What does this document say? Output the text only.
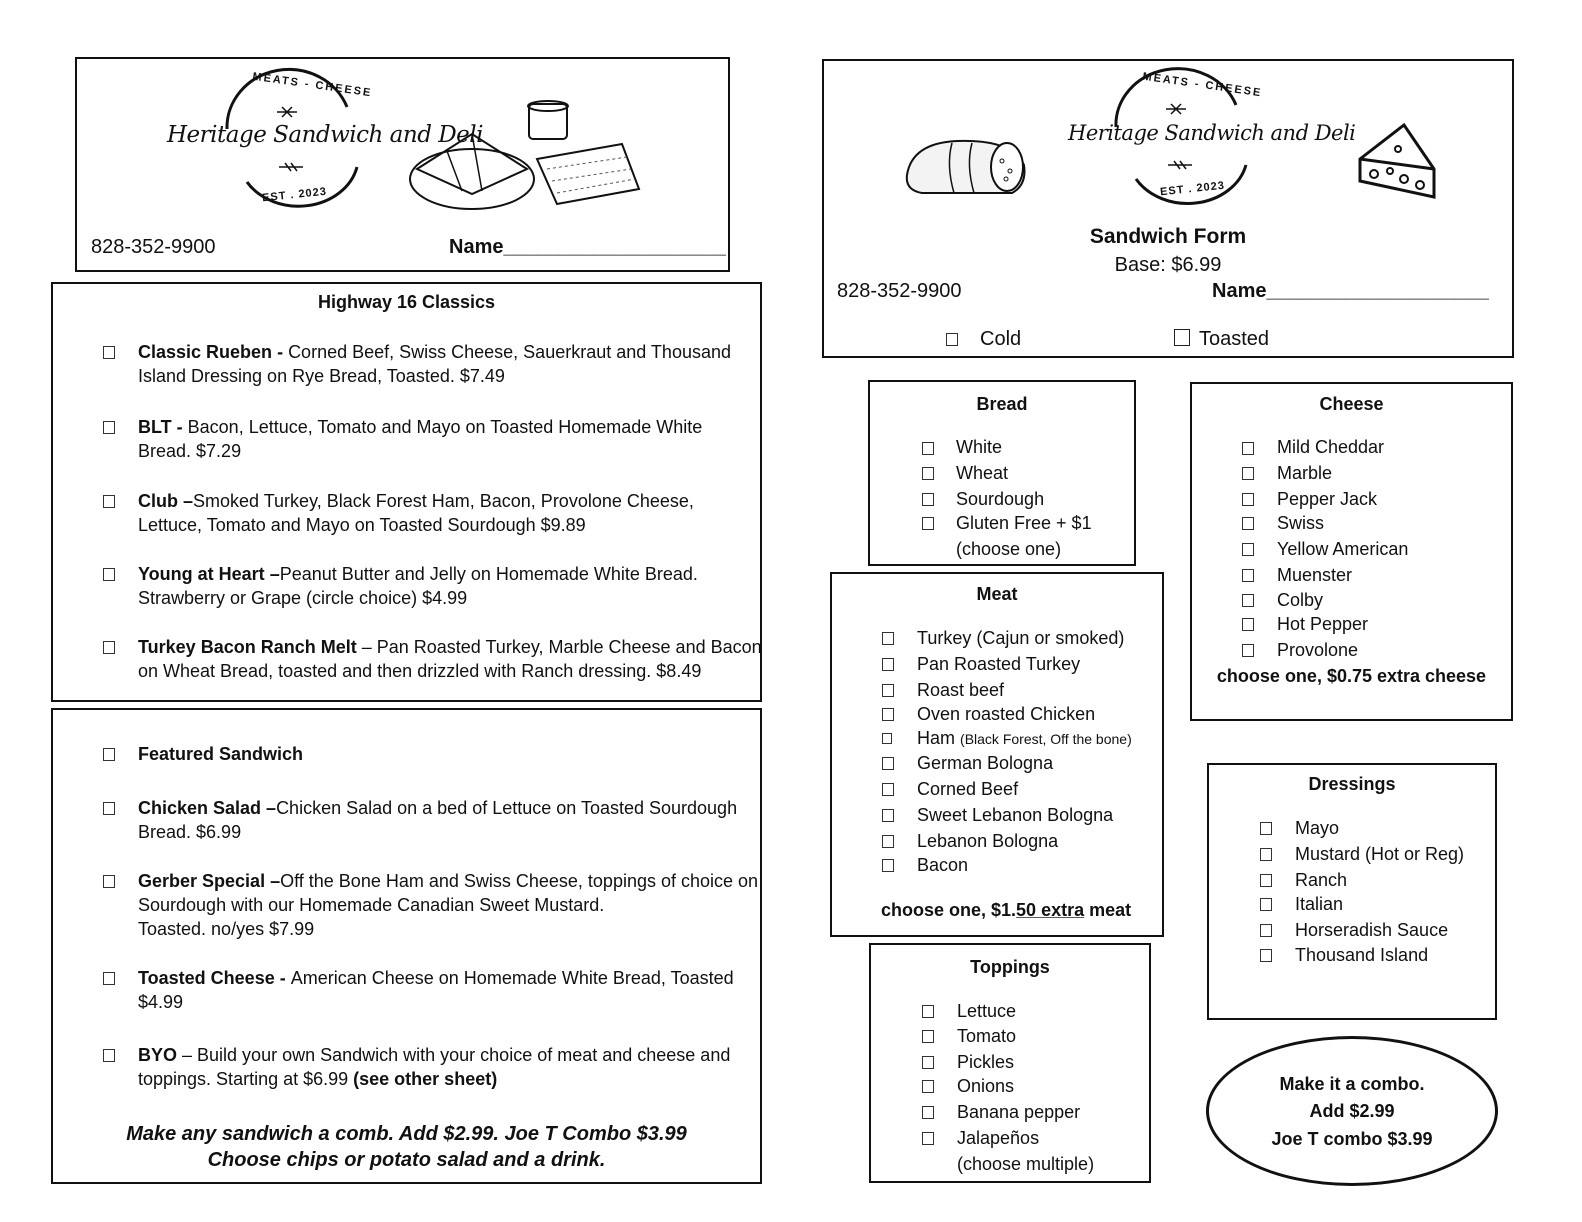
MEATS - CHEESE
Heritage Sandwich and Deli
EST . 2023
828-352-9900	Name____________________
Highway 16 Classics
Classic Rueben - Corned Beef, Swiss Cheese, Sauerkraut and Thousand
Island Dressing on Rye Bread, Toasted. $7.49
BLT - Bacon, Lettuce, Tomato and Mayo on Toasted Homemade White
Bread. $7.29
Club –Smoked Turkey, Black Forest Ham, Bacon, Provolone Cheese,
Lettuce, Tomato and Mayo on Toasted Sourdough $9.89
Young at Heart –Peanut Butter and Jelly on Homemade White Bread.
Strawberry or Grape (circle choice) $4.99
Turkey Bacon Ranch Melt – Pan Roasted Turkey, Marble Cheese and Bacon
on Wheat Bread, toasted and then drizzled with Ranch dressing. $8.49
Featured Sandwich
Chicken Salad –Chicken Salad on a bed of Lettuce on Toasted Sourdough
Bread. $6.99
Gerber Special –Off the Bone Ham and Swiss Cheese, toppings of choice on
Sourdough with our Homemade Canadian Sweet Mustard.
Toasted. no/yes $7.99
Toasted Cheese - American Cheese on Homemade White Bread, Toasted
$4.99
BYO – Build your own Sandwich with your choice of meat and cheese and
toppings. Starting at $6.99 (see other sheet)
Make any sandwich a comb. Add $2.99. Joe T Combo $3.99
Choose chips or potato salad and a drink.
MEATS - CHEESE
Heritage Sandwich and Deli
EST . 2023
Sandwich Form
Base: $6.99
828-352-9900	Name____________________
Cold	Toasted
Bread
White
Wheat
Sourdough
Gluten Free + $1
(choose one)
Cheese
Mild Cheddar
Marble
Pepper Jack
Swiss
Yellow American
Muenster
Colby
Hot Pepper
Provolone
choose one, $0.75 extra cheese
Meat
Turkey (Cajun or smoked)
Pan Roasted Turkey
Roast beef
Oven roasted Chicken
Ham (Black Forest, Off the bone)
German Bologna
Corned Beef
Sweet Lebanon Bologna
Lebanon Bologna
Bacon
choose one, $1.50 extra meat
Toppings
Lettuce
Tomato
Pickles
Onions
Banana pepper
Jalapeños
(choose multiple)
Dressings
Mayo
Mustard (Hot or Reg)
Ranch
Italian
Horseradish Sauce
Thousand Island
Make it a combo.
Add $2.99
Joe T combo $3.99
